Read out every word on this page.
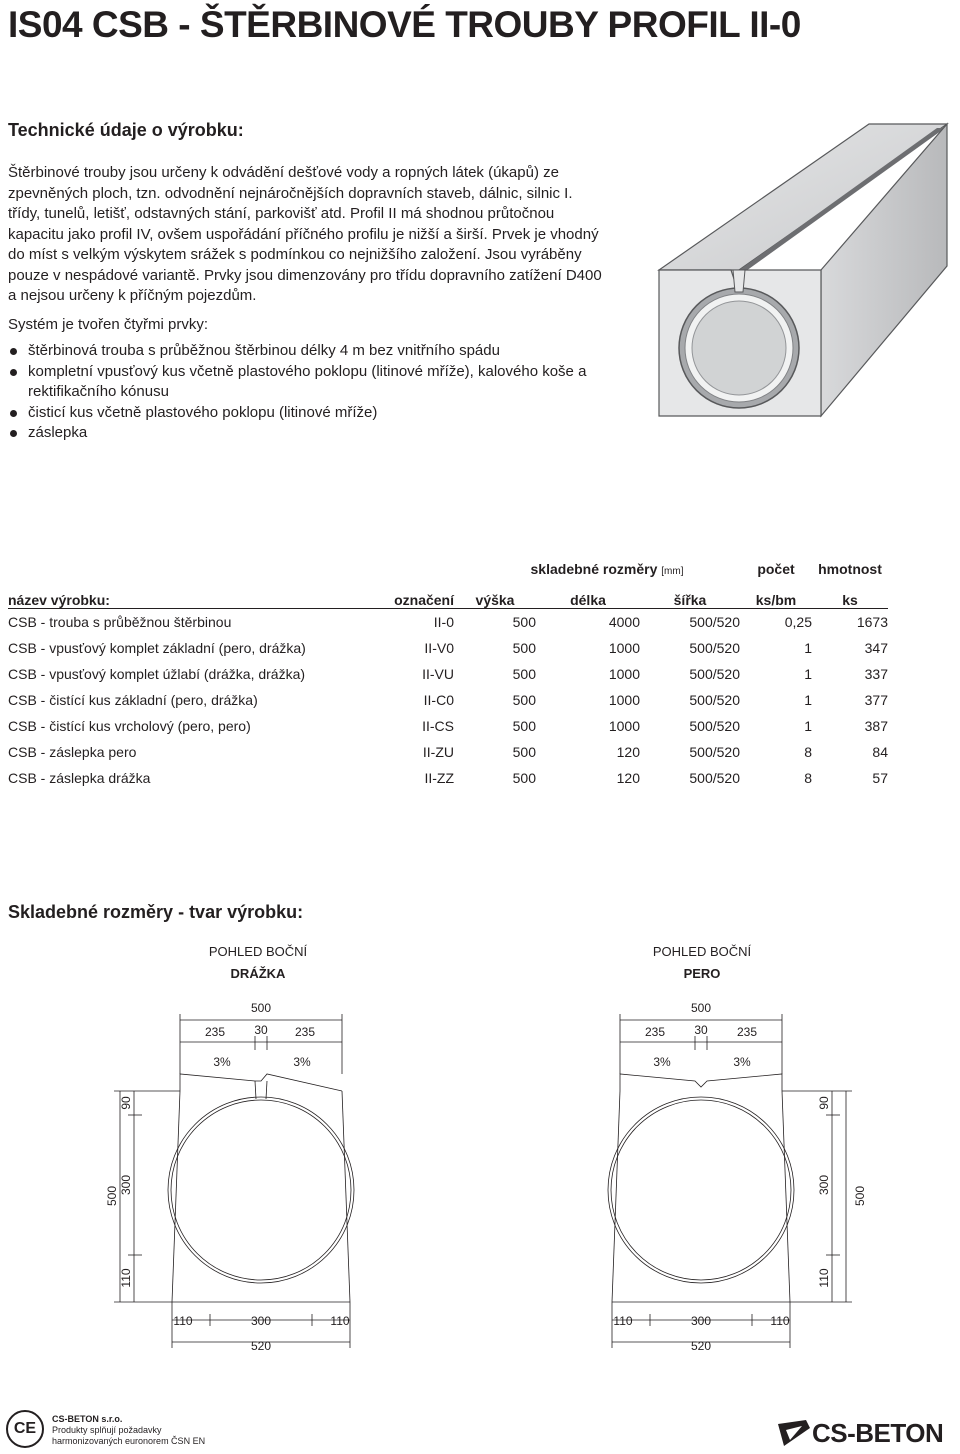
IS04 CSB - ŠTĚRBINOVÉ TROUBY PROFIL II-0
Technické údaje o výrobku:

Štěrbinové trouby jsou určeny k odvádění dešťové vody a ropných látek (úkapů) ze zpevněných ploch, tzn. odvodnění nejnáročnějších dopravních staveb, dálnic, silnic I. třídy, tunelů, letišť, odstavných stání, parkovišť atd. Profil II má shodnou průtočnou kapacitu jako profil IV, ovšem uspořádání příčného profilu je nižší a širší. Prvek je vhodný do míst s velkým výskytem srážek s podmínkou co nejnižšího založení. Jsou vyráběny pouze v nespádové variantě. Prvky jsou dimenzovány pro třídu dopravního zatížení D400 a nejsou určeny k příčným pojezdům.

Systém je tvořen čtyřmi prvky:

štěrbinová trouba s průběžnou štěrbinou délky 4 m bez vnitřního spádu
kompletní vpusťový kus včetně plastového poklopu (litinové mříže), kalového koše a rektifikačního kónusu
čisticí kus včetně plastového poklopu (litinové mříže)
záslepka
		skladebné rozměry [mm]			počet	hmotnost
název výrobku:	označení	výška	délka	šířka	ks/bm	ks
CSB - trouba s průběžnou štěrbinou	II-0	500	4000	500/520	0,25	1673
CSB - vpusťový komplet základní (pero, drážka)	II-V0	500	1000	500/520	1	347
CSB - vpusťový komplet úžlabí (drážka, drážka)	II-VU	500	1000	500/520	1	337
CSB - čistící kus základní (pero, drážka)	II-C0	500	1000	500/520	1	377
CSB - čistící kus vrcholový (pero, pero)	II-CS	500	1000	500/520	1	387
CSB - záslepka pero	II-ZU	500	120	500/520	8	84
CSB - záslepka drážka	II-ZZ	500	120	500/520	8	57
Skladebné rozměry - tvar výrobku:
POHLED BOČNÍ
DRÁŽKA
500
235 30 235
3%	3%
500
90
300
110
110	300	110
520
POHLED BOČNÍ
PERO
500
235 30 235
3%	3%
90
300
110
500
110	300	110
520
CE
CS-BETON s.r.o.
Produkty splňují požadavky
harmonizovaných euronorem ČSN EN	CS-BETON
